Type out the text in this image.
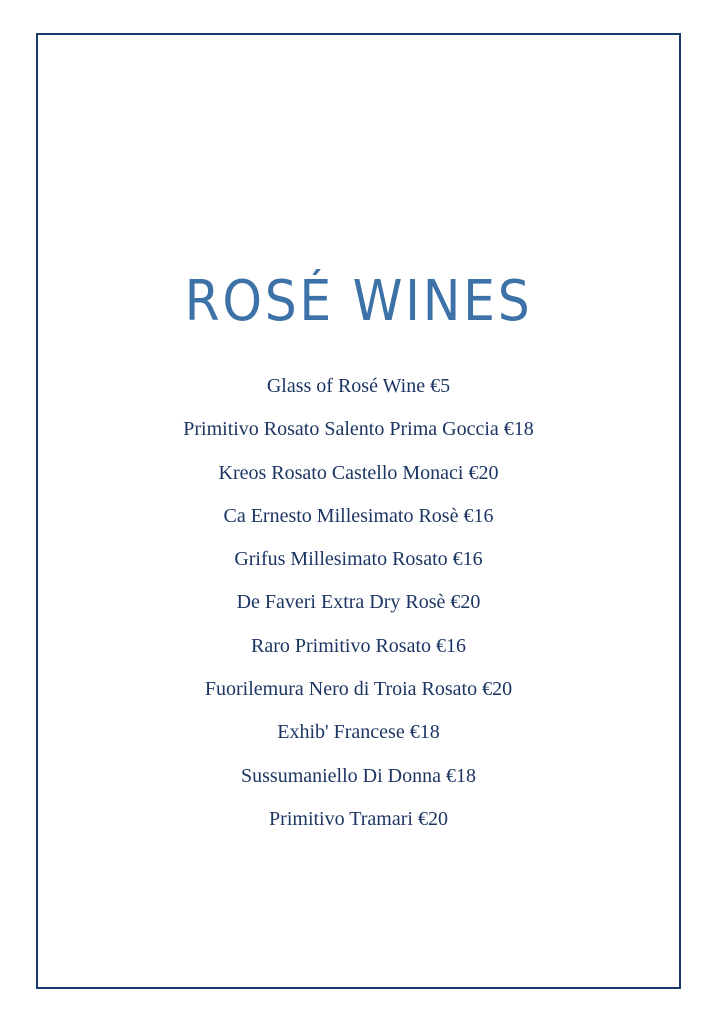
ROSÉ WINES
Glass of Rosé Wine €5
Primitivo Rosato Salento Prima Goccia €18
Kreos Rosato Castello Monaci €20
Ca Ernesto Millesimato Rosè €16
Grifus Millesimato Rosato €16
De Faveri Extra Dry Rosè €20
Raro Primitivo Rosato €16
Fuorilemura Nero di Troia Rosato €20
Exhib' Francese €18
Sussumaniello Di Donna €18
Primitivo Tramari €20
